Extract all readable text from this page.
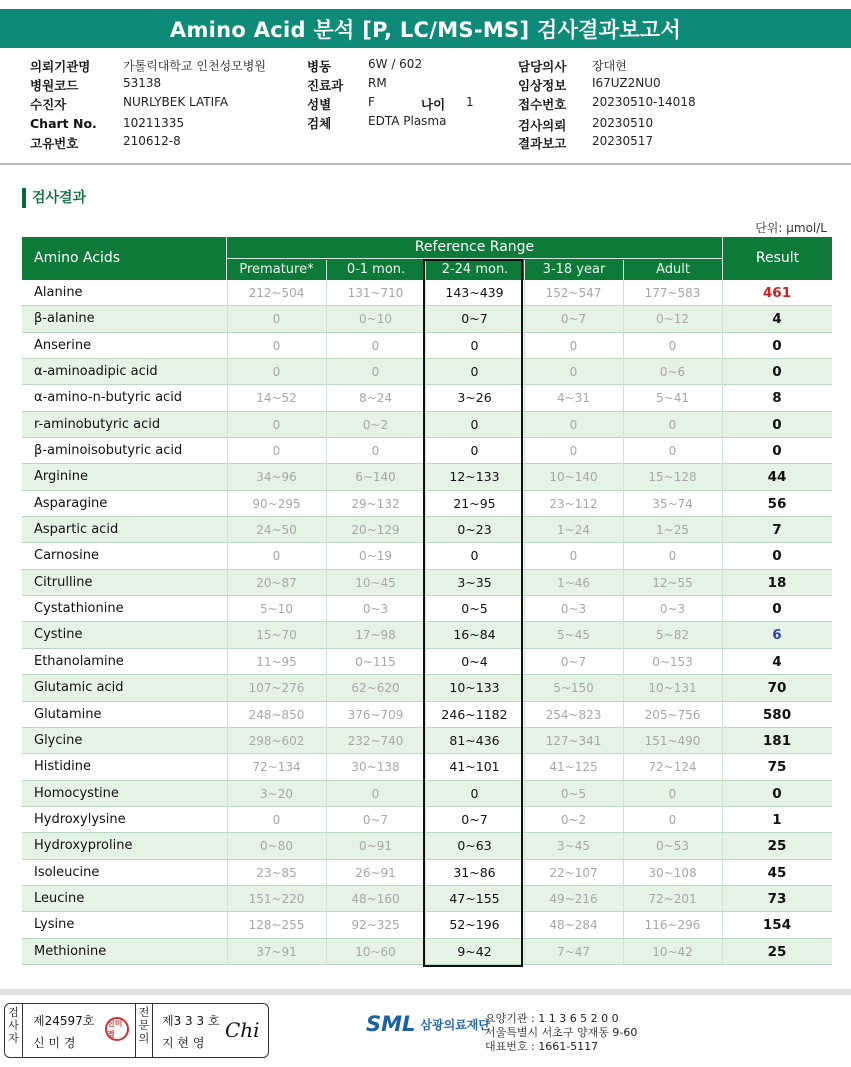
Amino Acid 분석 [P, LC/MS-MS] 검사결과보고서
의뢰기관명	가톨릭대학교 인천성모병원
병원코드	53138
수진자	NURLYBEK LATIFA
Chart No. 10211335
고유번호	210612-8
병동	6W / 602
진료과 RM
성별	F
검체	EDTA Plasma
나이 1
담당의사 장대현
임상정보 I67UZ2NU0
접수번호 20230510-14018
검사의뢰 20230510
결과보고 20230517
검사결과
단위: μmol/L
Amino Acids
Reference Range
Premature*	0-1 mon.	2-24 mon.	3-18 year	Adult
Result
Alanine	212~504	131~710	143~439	152~547	177~583	461
β-alanine	0	0~10	0~7	0~7	0~12	4
Anserine	0	0	0	0	0	0
α-aminoadipic acid	0	0	0	0	0~6	0
α-amino-n-butyric acid	14~52	8~24	3~26	4~31	5~41	8
r-aminobutyric acid	0	0~2	0	0	0	0
β-aminoisobutyric acid	0	0	0	0	0	0
Arginine	34~96	6~140	12~133	10~140	15~128	44
Asparagine	90~295	29~132	21~95	23~112	35~74	56
Aspartic acid	24~50	20~129	0~23	1~24	1~25	7
Carnosine	0	0~19	0	0	0	0
Citrulline	20~87	10~45	3~35	1~46	12~55	18
Cystathionine	5~10	0~3	0~5	0~3	0~3	0
Cystine	15~70	17~98	16~84	5~45	5~82	6
Ethanolamine	11~95	0~115	0~4	0~7	0~153	4
Glutamic acid	107~276	62~620	10~133	5~150	10~131	70
Glutamine	248~850	376~709	246~1182	254~823	205~756	580
Glycine	298~602	232~740	81~436	127~341	151~490	181
Histidine	72~134	30~138	41~101	41~125	72~124	75
Homocystine	3~20	0	0	0~5	0	0
Hydroxylysine	0	0~7	0~7	0~2	0	1
Hydroxyproline	0~80	0~91	0~63	3~45	0~53	25
Isoleucine	23~85	26~91	31~86	22~107	30~108	45
Leucine	151~220	48~160	47~155	49~216	72~201	73
Lysine	128~255	92~325	52~196	48~284	116~296	154
Methionine	37~91	10~60	9~42	7~47	10~42	25
검사자
제24597호
신 미 경
신미경
전문의
제3 3 3 호
지 현 영
Chi	SML 삼광의료재단
요양기관 : 1 1 3 6 5 2 0 0
서울특별시 서초구 양재동 9-60
대표번호 : 1661-5117
